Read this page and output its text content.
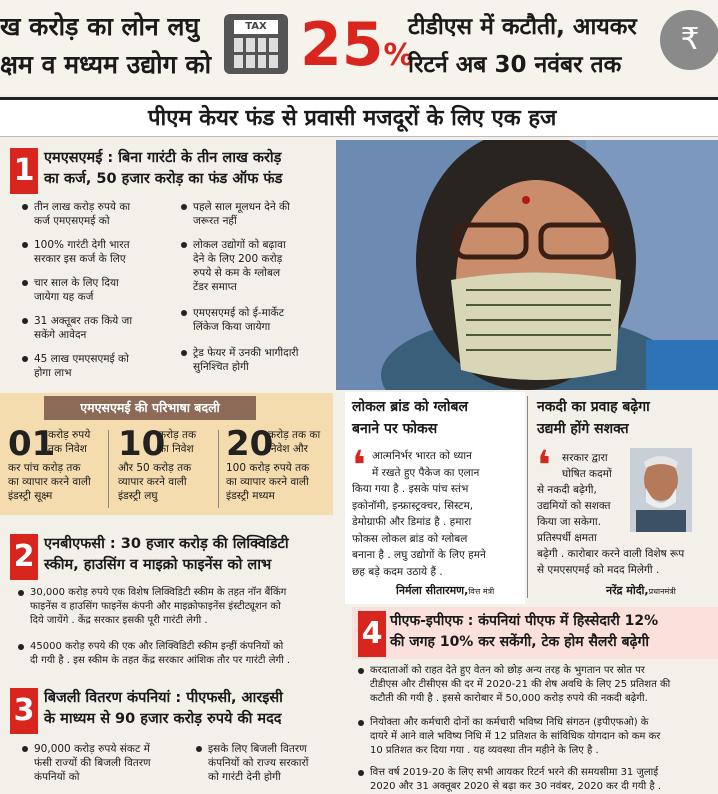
ख करोड़ का लोन लघु
क्षम व मध्यम उद्योग को
TAX 25%
टीडीएस में कटौती, आयकर
रिटर्न अब 30 नवंबर तक
₹
पीएम केयर फंड से प्रवासी मजदूरों के लिए एक हज
1 एमएसएमई : बिना गारंटी के तीन लाख करोड़
का कर्ज, 50 हजार करोड़ का फंड ऑफ फंड
तीन लाख करोड़ रुपये का
कर्ज एमएसएमई को
100% गारंटी देगी भारत
सरकार इस कर्ज के लिए
चार साल के लिए दिया
जायेगा यह कर्ज
31 अक्तूबर तक किये जा
सकेंगे आवेदन
45 लाख एमएसएमई को
होगा लाभ
पहले साल मूलधन देने की
जरूरत नहीं
लोकल उद्योगों को बढ़ावा
देने के लिए 200 करोड़
रुपये से कम के ग्लोबल
टेंडर समाप्त
एमएसएमई को ई-मार्केट
लिंकेज किया जायेगा
ट्रेड फेयर में उनकी भागीदारी
सुनिश्चित होगी
एमएसएमई की परिभाषा बदली
01
करोड़ रुपये
तक निवेश
कर पांच करोड़ तक
का व्यापार करने वाली
इंडस्ट्री सूक्ष्म
10
करोड़ तक
का निवेश
और 50 करोड़ तक
व्यापार करने वाली
इंडस्ट्री लघु
20
करोड़ तक का
निवेश और
100 करोड़ रुपये तक
का व्यापार करने वाली
इंडस्ट्री मध्यम
2 एनबीएफसी : 30 हजार करोड़ की लिक्विडिटी
स्कीम, हाउसिंग व माइक्रो फाइनेंस को लाभ
30,000 करोड़ रुपये एक विशेष लिक्विडिटी स्कीम के तहत नॉन बैंकिंग
फाइनेंस व हाउसिंग फाइनेंस कंपनी और माइक्रोफाइनेंस इंस्टीट्यूशन को
दिये जायेंगे . केंद्र सरकार इसकी पूरी गारंटी लेगी .
45000 करोड़ रुपये की एक और लिक्विडिटी स्कीम इन्हीं कंपनियों को
दी गयी है . इस स्कीम के तहत केंद्र सरकार आंशिक तौर पर गारंटी लेगी .
3 बिजली वितरण कंपनियां : पीएफसी, आरइसी
के माध्यम से 90 हजार करोड़ रुपये की मदद
90,000 करोड़ रुपये संकट में
फंसी राज्यों की बिजली वितरण
कंपनियों को
इसके लिए बिजली वितरण
कंपनियों को राज्य सरकारों
को गारंटी देनी होगी
लोकल ब्रांड को ग्लोबल
बनाने पर फोकस
❛ आत्मनिर्भर भारत को ध्यान
में रखते हुए पैकेज का एलान
किया गया है . इसके पांच स्तंभ
इकोनॉमी, इन्फ्रास्ट्रक्चर, सिस्टम,
डेमोग्राफी और डिमांड है . हमारा
फोकस लोकल ब्रांड को ग्लोबल
बनाना है . लघु उद्योगों के लिए हमने
छह बड़े कदम उठाये हैं .
निर्मला सीतारमण,वित्त मंत्री
नकदी का प्रवाह बढ़ेगा
उद्यमी होंगे सशक्त
❛ सरकार द्वारा
घोषित कदमों
से नकदी बढ़ेगी,
उद्यमियों को सशक्त
किया जा सकेगा.
प्रतिस्पर्धी क्षमता
बढ़ेगी . कारोबार करने वाली विशेष रूप
से एमएसएमई को मदद मिलेगी .
नरेंद्र मोदी,प्रधानमंत्री
4 पीएफ-इपीएफ : कंपनियां पीएफ में हिस्सेदारी 12%
की जगह 10% कर सकेंगी, टेक होम सैलरी बढ़ेगी
करदाताओं को राहत देते हुए वेतन को छोड़ अन्य तरह के भुगतान पर स्रोत पर
टीडीएस और टीसीएस की दर में 2020-21 की शेष अवधि के लिए 25 प्रतिशत की
कटौती की गयी है . इससे कारोबार में 50,000 करोड़ रुपये की नकदी बढ़ेगी.
नियोक्ता और कर्मचारी दोनों का कर्मचारी भविष्य निधि संगठन (इपीएफओ) के
दायरे में आने वाले भविष्य निधि में 12 प्रतिशत के सांविधिक योगदान को कम कर
10 प्रतिशत कर दिया गया . यह व्यवस्था तीन महीने के लिए है .
वित्त वर्ष 2019-20 के लिए सभी आयकर रिटर्न भरने की समयसीमा 31 जुलाई
2020 और 31 अक्तूबर 2020 से बढ़ा कर 30 नवंबर, 2020 कर दी गयी है .
